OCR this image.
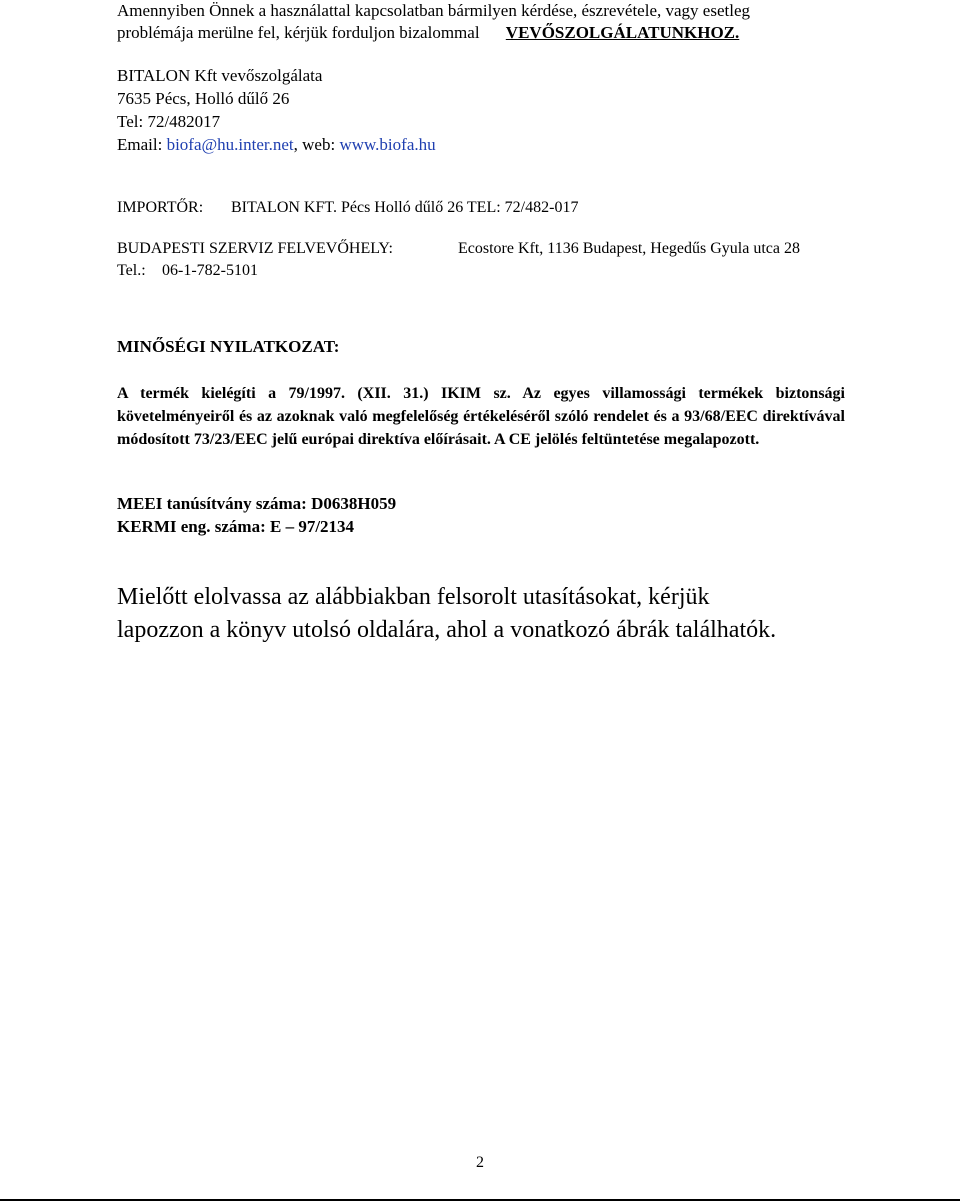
Amennyiben Önnek a használattal kapcsolatban bármilyen kérdése, észrevétele, vagy esetleg
problémája merülne fel, kérjük forduljon bizalommal VEVŐSZOLGÁLATUNKHOZ.
BITALON Kft vevőszolgálata
7635 Pécs, Holló dűlő 26
Tel: 72/482017
Email: biofa@hu.inter.net, web: www.biofa.hu
IMPORTŐR: BITALON KFT. Pécs Holló dűlő 26 TEL: 72/482-017
BUDAPESTI SZERVIZ FELVEVŐHELY:	Ecostore Kft, 1136 Budapest, Hegedűs Gyula utca 28
Tel.: 06-1-782-5101
MINŐSÉGI NYILATKOZAT:
A termék kielégíti a 79/1997. (XII. 31.) IKIM sz. Az egyes villamossági termékek biztonsági követelményeiről és az azoknak való megfelelőség értékeléséről szóló rendelet és a 93/68/EEC direktívával módosított 73/23/EEC jelű európai direktíva előírásait. A CE jelölés feltüntetése megalapozott.
MEEI tanúsítvány száma: D0638H059
KERMI eng. száma: E – 97/2134
Mielőtt elolvassa az alábbiakban felsorolt utasításokat, kérjük
lapozzon a könyv utolsó oldalára, ahol a vonatkozó ábrák találhatók.
2
